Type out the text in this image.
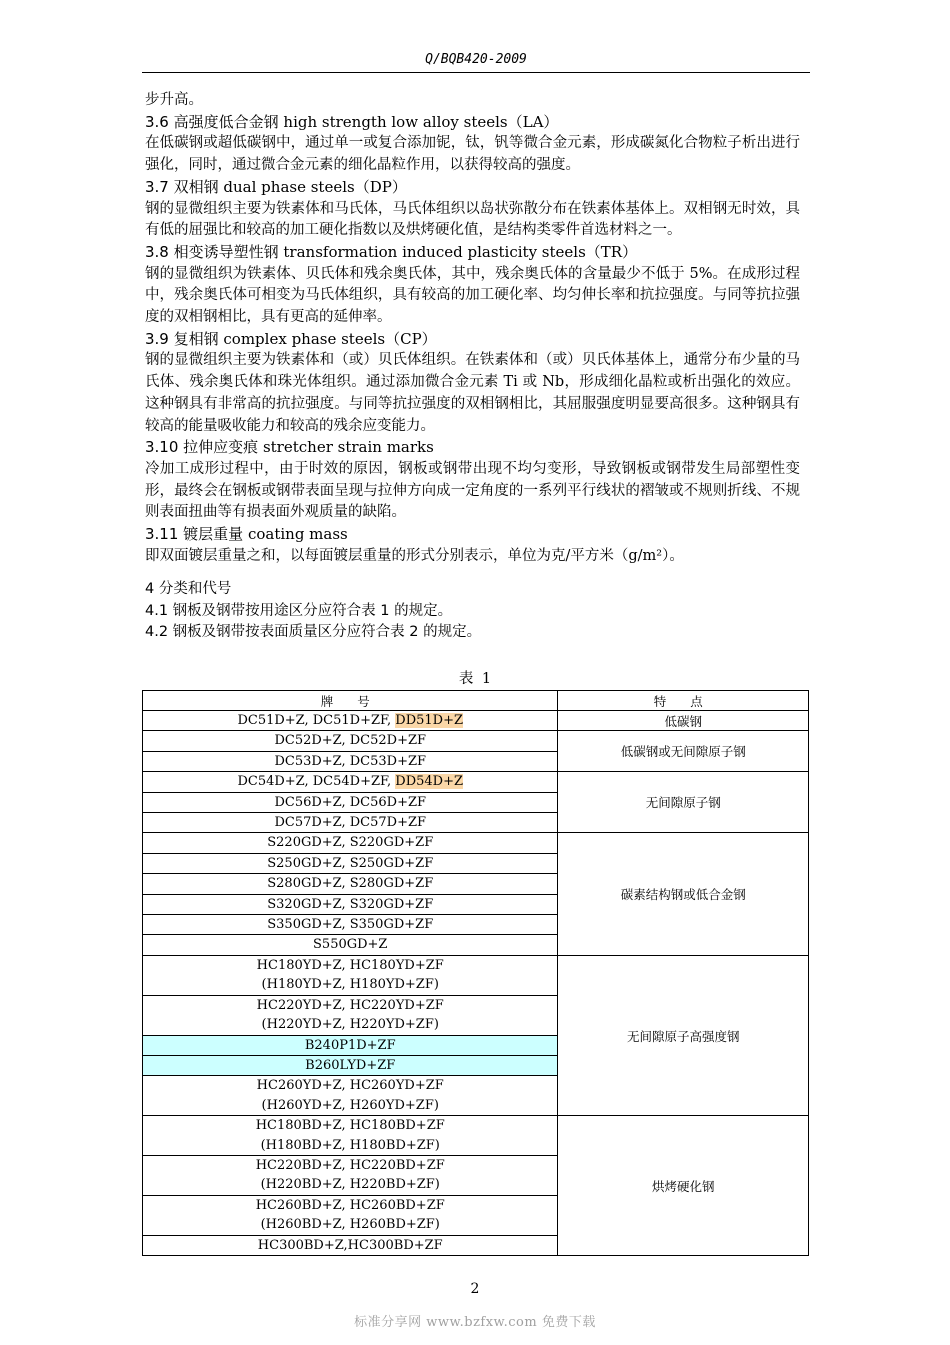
Q/BQB420-2009

步升高。

3.6 高强度低合金钢 high strength low alloy steels（LA）

在低碳钢或超低碳钢中，通过单一或复合添加铌，钛，钒等微合金元素，形成碳氮化合物粒子析出进行强化，同时，通过微合金元素的细化晶粒作用，以获得较高的强度。

3.7 双相钢 dual phase steels（DP）

钢的显微组织主要为铁素体和马氏体，马氏体组织以岛状弥散分布在铁素体基体上。双相钢无时效，具有低的屈强比和较高的加工硬化指数以及烘烤硬化值，是结构类零件首选材料之一。

3.8 相变诱导塑性钢 transformation induced plasticity steels（TR）

钢的显微组织为铁素体、贝氏体和残余奥氏体，其中，残余奥氏体的含量最少不低于 5%。在成形过程中，残余奥氏体可相变为马氏体组织，具有较高的加工硬化率、均匀伸长率和抗拉强度。与同等抗拉强度的双相钢相比，具有更高的延伸率。

3.9 复相钢 complex phase steels（CP）

钢的显微组织主要为铁素体和（或）贝氏体组织。在铁素体和（或）贝氏体基体上，通常分布少量的马氏体、残余奥氏体和珠光体组织。通过添加微合金元素 Ti 或 Nb，形成细化晶粒或析出强化的效应。这种钢具有非常高的抗拉强度。与同等抗拉强度的双相钢相比，其屈服强度明显要高很多。这种钢具有较高的能量吸收能力和较高的残余应变能力。

3.10 拉伸应变痕 stretcher strain marks

冷加工成形过程中，由于时效的原因，钢板或钢带出现不均匀变形，导致钢板或钢带发生局部塑性变形，最终会在钢板或钢带表面呈现与拉伸方向成一定角度的一系列平行线状的褶皱或不规则折线、不规则表面扭曲等有损表面外观质量的缺陷。

3.11 镀层重量 coating mass

即双面镀层重量之和，以每面镀层重量的形式分别表示，单位为克/平方米（g/m²）。

4 分类和代号

4.1 钢板及钢带按用途区分应符合表 1 的规定。

4.2 钢板及钢带按表面质量区分应符合表 2 的规定。

表 1
牌 号	特 点
DC51D+Z, DC51D+ZF, DD51D+Z	低碳钢
DC52D+Z, DC52D+ZF	低碳钢或无间隙原子钢
DC53D+Z, DC53D+ZF	
DC54D+Z, DC54D+ZF, DD54D+Z	无间隙原子钢
DC56D+Z, DC56D+ZF	
DC57D+Z, DC57D+ZF	
S220GD+Z, S220GD+ZF	碳素结构钢或低合金钢
S250GD+Z, S250GD+ZF	
S280GD+Z, S280GD+ZF	
S320GD+Z, S320GD+ZF	
S350GD+Z, S350GD+ZF	
S550GD+Z	

HC180YD+Z, HC180YD+ZF
(H180YD+Z, H180YD+ZF)	无间隙原子高强度钢

HC220YD+Z, HC220YD+ZF
(H220YD+Z, H220YD+ZF)	

B240P1D+ZF	
B260LYD+ZF	

HC260YD+Z, HC260YD+ZF
(H260YD+Z, H260YD+ZF)	

HC180BD+Z, HC180BD+ZF
(H180BD+Z, H180BD+ZF)	烘烤硬化钢

HC220BD+Z, HC220BD+ZF
(H220BD+Z, H220BD+ZF)	

HC260BD+Z, HC260BD+ZF
(H260BD+Z, H260BD+ZF)	

HC300BD+Z,HC300BD+ZF	
2
标准分享网 www.bzfxw.com 免费下载
